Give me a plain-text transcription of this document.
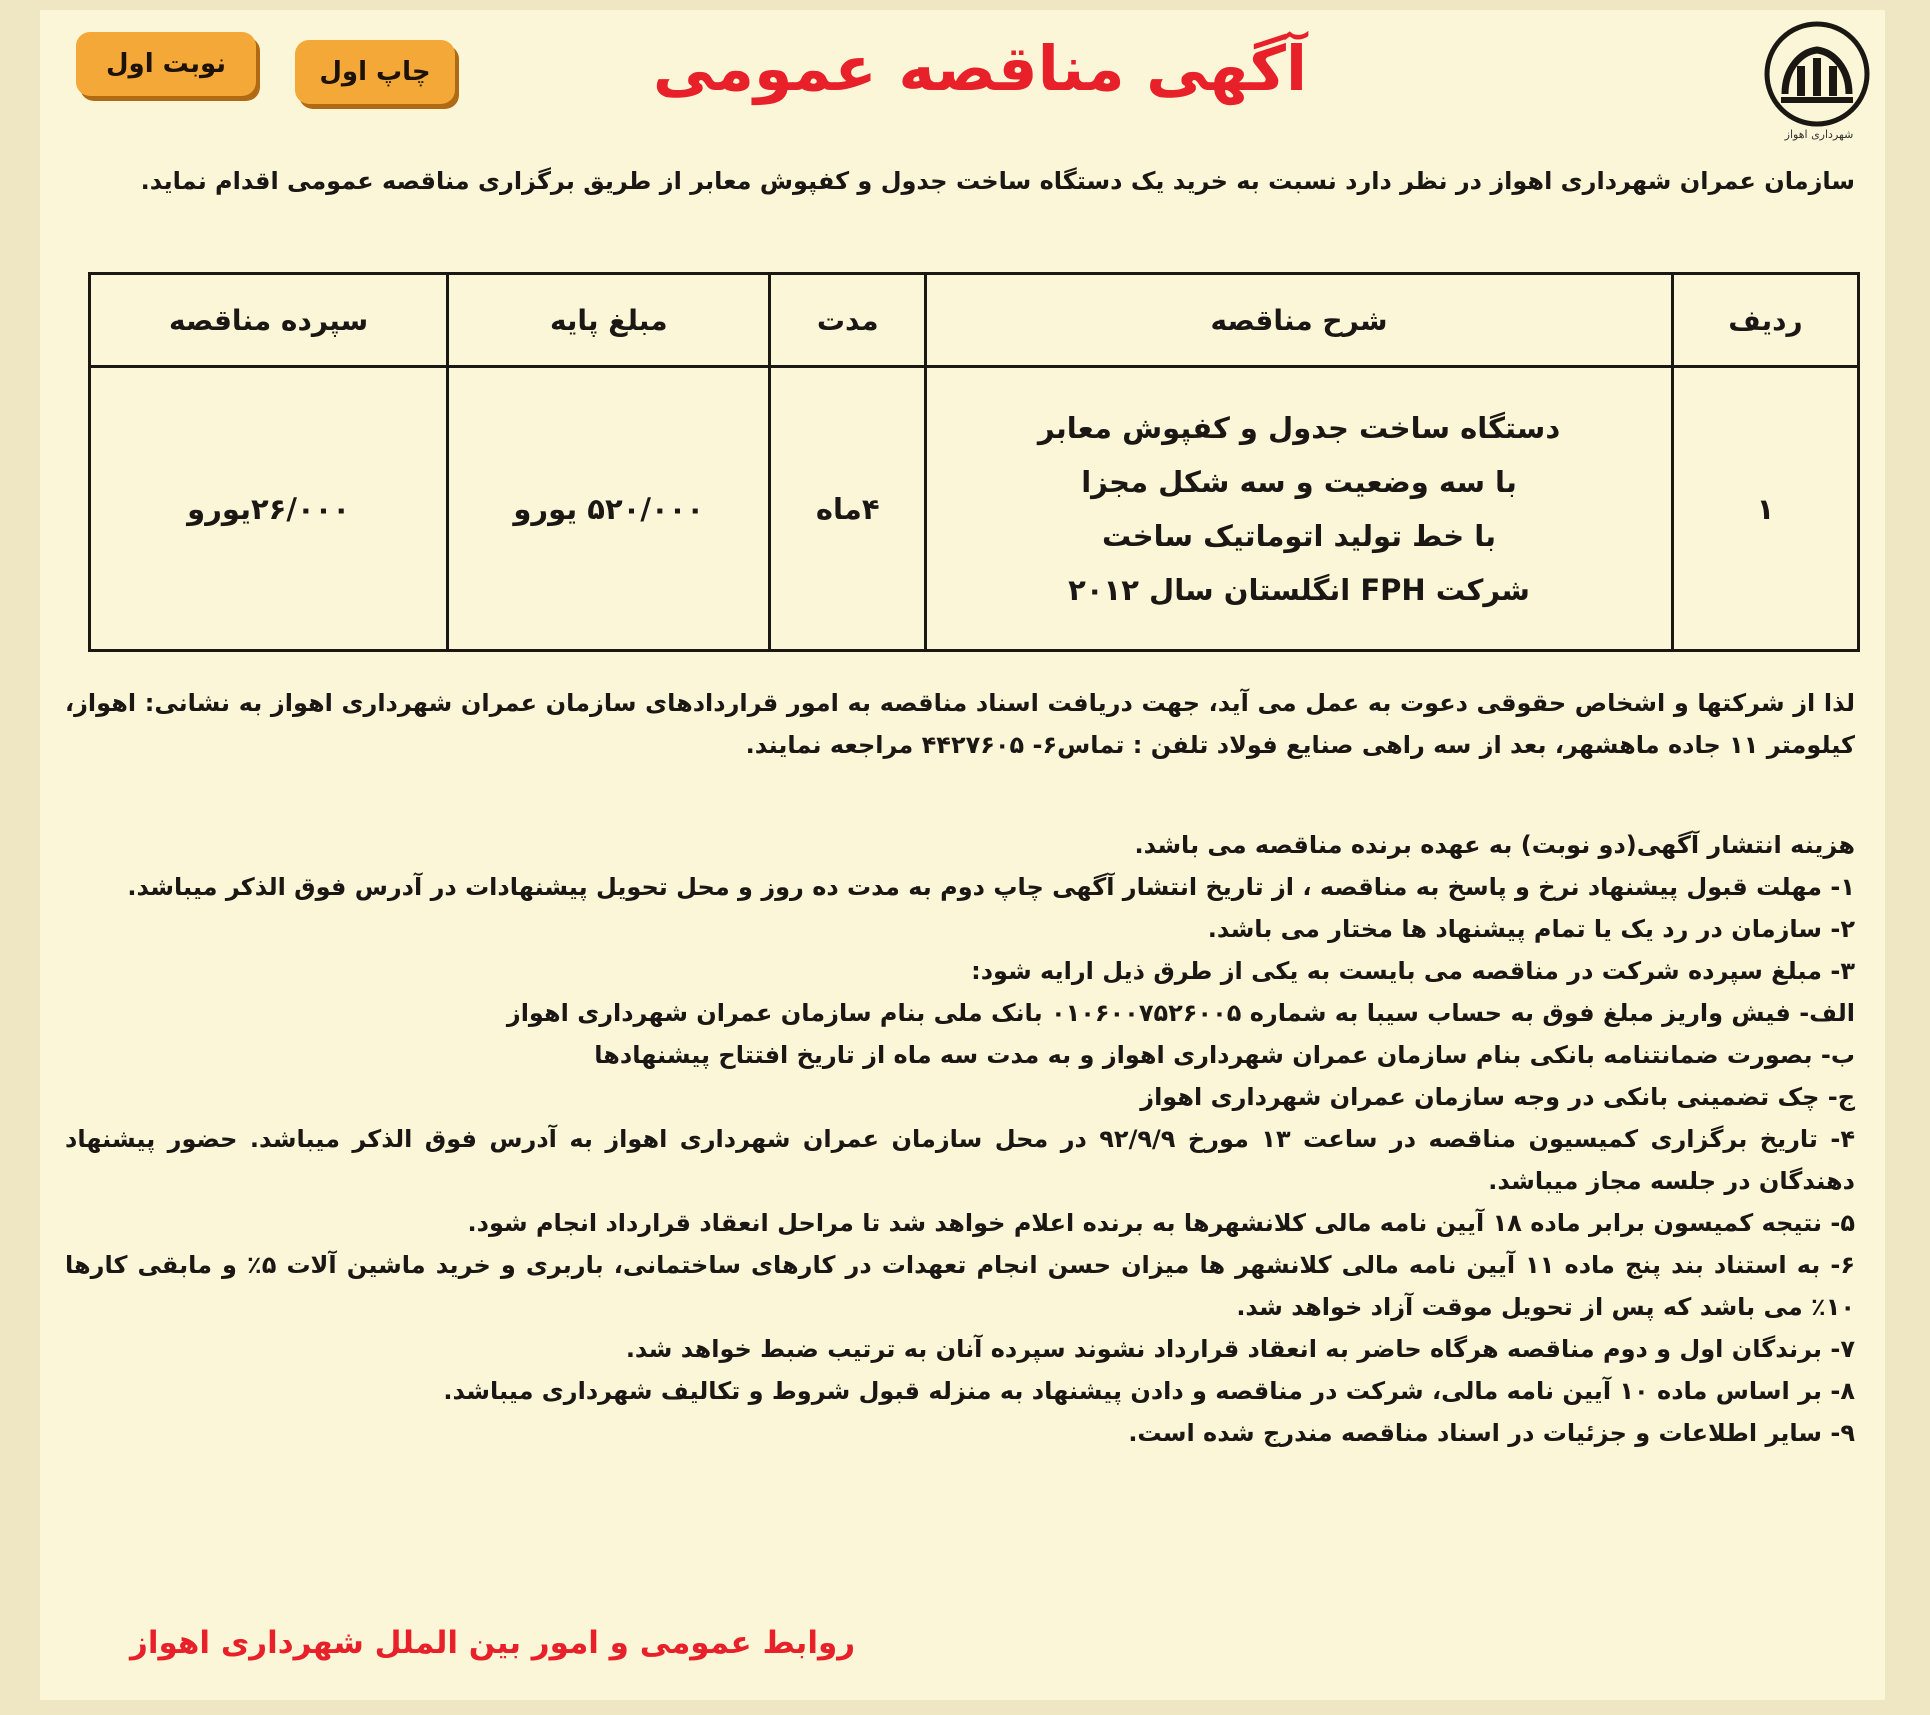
شهرداری اهواز
آگهی مناقصه عمومی
چاپ اول
نوبت اول
سازمان عمران شهرداری اهواز در نظر دارد نسبت به خرید یک دستگاه ساخت جدول و کفپوش معابر از طریق برگزاری مناقصه عمومی اقدام نماید.
ردیف	شرح مناقصه	مدت	مبلغ پایه	سپرده مناقصه
۱	دستگاه ساخت جدول و کفپوش معابر
با سه وضعیت و سه شکل مجزا
با خط تولید اتوماتیک ساخت
شرکت FPH انگلستان سال ۲۰۱۲	۴ماه	۵۲۰/۰۰۰ یورو	۲۶/۰۰۰یورو
لذا از شرکتها و اشخاص حقوقی دعوت به عمل می آید، جهت دریافت اسناد مناقصه به امور قراردادهای سازمان عمران شهرداری اهواز به نشانی: اهواز، کیلومتر ۱۱ جاده ماهشهر، بعد از سه راهی صنایع فولاد تلفن : تماس۶- ۴۴۲۷۶۰۵ مراجعه نمایند.
هزینه انتشار آگهی(دو نوبت) به عهده برنده مناقصه می باشد.
۱- مهلت قبول پیشنهاد نرخ و پاسخ به مناقصه ، از تاریخ انتشار آگهی چاپ دوم به مدت ده روز و محل تحویل پیشنهادات در آدرس فوق الذکر میباشد.
۲- سازمان در رد یک یا تمام پیشنهاد ها مختار می باشد.
۳- مبلغ سپرده شرکت در مناقصه می بایست به یکی از طرق ذیل ارایه شود:
الف- فیش واریز مبلغ فوق به حساب سیبا به شماره ۰۱۰۶۰۰۷۵۲۶۰۰۵ بانک ملی بنام سازمان عمران شهرداری اهواز
ب- بصورت ضمانتنامه بانکی بنام سازمان عمران شهرداری اهواز و به مدت سه ماه از تاریخ افتتاح پیشنهادها
ج- چک تضمینی بانکی در وجه سازمان عمران شهرداری اهواز
۴- تاریخ برگزاری کمیسیون مناقصه در ساعت ۱۳ مورخ ۹۲/۹/۹ در محل سازمان عمران شهرداری اهواز به آدرس فوق الذکر میباشد. حضور پیشنهاد دهندگان در جلسه مجاز میباشد.
۵- نتیجه کمیسون برابر ماده ۱۸ آیین نامه مالی کلانشهرها به برنده اعلام خواهد شد تا مراحل انعقاد قرارداد انجام شود.
۶- به استناد بند پنج ماده ۱۱ آیین نامه مالی کلانشهر ها میزان حسن انجام تعهدات در کارهای ساختمانی، باربری و خرید ماشین آلات ۵٪ و مابقی کارها ۱۰٪ می باشد که پس از تحویل موقت آزاد خواهد شد.
۷- برندگان اول و دوم مناقصه هرگاه حاضر به انعقاد قرارداد نشوند سپرده آنان به ترتیب ضبط خواهد شد.
۸- بر اساس ماده ۱۰ آیین نامه مالی، شرکت در مناقصه و دادن پیشنهاد به منزله قبول شروط و تکالیف شهرداری میباشد.
۹- سایر اطلاعات و جزئیات در اسناد مناقصه مندرج شده است.
روابط عمومی و امور بین الملل شهرداری اهواز
